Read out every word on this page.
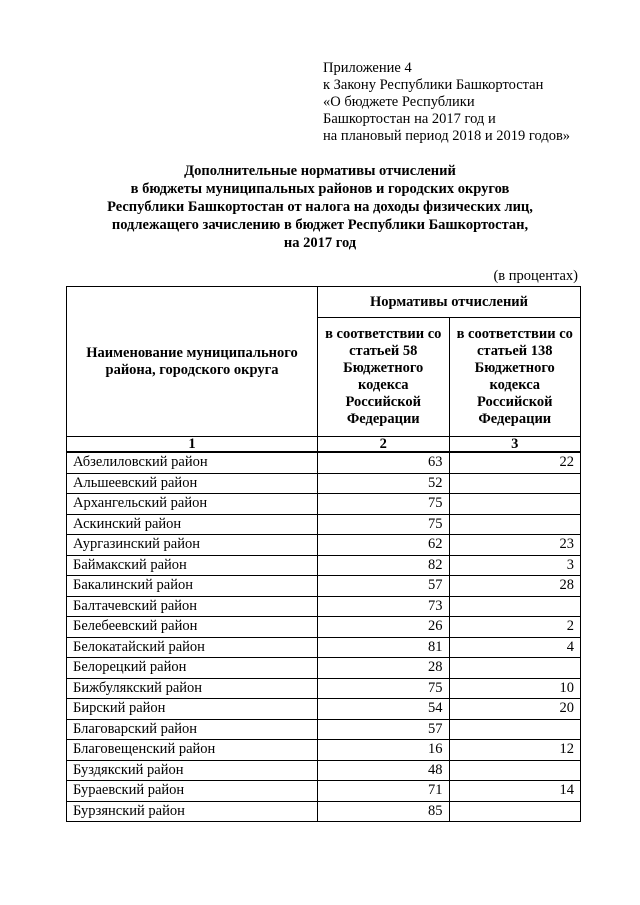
Приложение 4
к Закону Республики Башкортостан
«О бюджете Республики
Башкортостан на 2017 год и
на плановый период 2018 и 2019 годов»
Дополнительные нормативы отчислений
в бюджеты муниципальных районов и городских округов
Республики Башкортостан от налога на доходы физических лиц,
подлежащего зачислению в бюджет Республики Башкортостан,
на 2017 год
(в процентах)
Наименование муниципального района, городского округа	Нормативы отчислений	
	в соответствии со статьей 58 Бюджетного кодекса Российской Федерации	в соответствии со статьей 138 Бюджетного кодекса Российской Федерации
1	2	3
Абзелиловский район	63	22
Альшеевский район	52	
Архангельский район	75	
Аскинский район	75	
Аургазинский район	62	23
Баймакский район	82	3
Бакалинский район	57	28
Балтачевский район	73	
Белебеевский район	26	2
Белокатайский район	81	4
Белорецкий район	28	
Бижбулякский район	75	10
Бирский район	54	20
Благоварский район	57	
Благовещенский район	16	12
Буздякский район	48	
Бураевский район	71	14
Бурзянский район	85	
